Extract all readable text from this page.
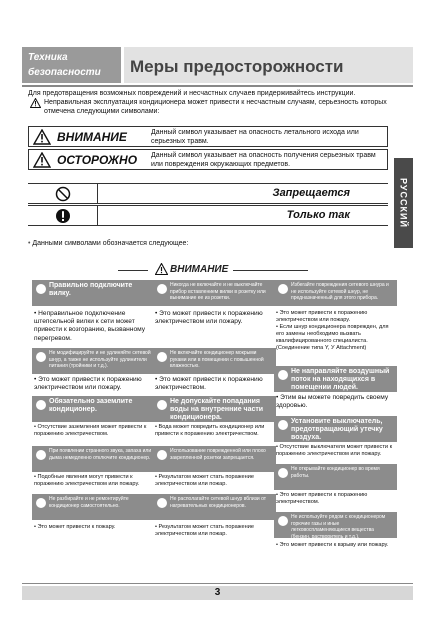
Техника
безопасности	Меры предосторожности
Для предотвращения возможных повреждений и несчастных случаев придерживайтесь инструкции.
Неправильная эксплуатация кондиционера может привести к несчастным случаям, серьезность которых отмечена следующими символами:
ВНИМАНИЕ	Данный символ указывает на опасность летального исхода или серьезных травм.
ОСТОРОЖНО Данный символ указывает на опасность получения серьезных травм или повреждения окружающих предметов.
Запрещается
Только так	РУССКИЙ
• Данными символами обозначается следующее:
ВНИМАНИЕ
Правильно подключите вилку.
• Неправильное подключение штепсельной вилки к сети может привести к возгоранию, вызванному перегревом.
Не модифицируйте и не удлиняйте сетевой шнур, а также не используйте удлинители питания (тройники и т.д.).
• Это может привести к поражению электричеством или пожару.
Обязательно заземлите кондиционер.
• Отсутствие заземления может привести к поражению электричеством.
При появлении странного звука, запаха или дыма немедленно отключите кондиционер.
• Подобные явления могут привести к поражению электричеством или пожару.
Не разбирайте и не ремонтируйте кондиционер самостоятельно.
• Это может привести к пожару.
Никогда не включайте и не выключайте прибор вставлением вилки в розетку или вынимание ее из розетки.
• Это может привести к поражению электричеством или пожару.
Не включайте кондиционер мокрыми руками или в помещении с повышенной влажностью.
• Это может привести к поражению электричеством.
Не допускайте попадания воды на внутренние части кондиционера.
• Вода может повредить кондиционер или привести к поражению электричеством.
Использование поврежденной или плохо закрепленной розетки запрещается.
• Результатом может стать поражение электричеством или пожар.
Не располагайте сетевой шнур вблизи от нагревательных кондиционеров.
• Результатом может стать поражение электричеством или пожар.
Избегайте повреждения сетевого шнура и не используйте сетевой шнур, не предназначенный для этого прибора.
• Это может привести к поражению электричеством или пожару.
• Если шнур кондиционера поврежден, для его замены необходимо вызвать квалифицированного специалиста. (Соединение типа Y, У Attachment)
Не направляйте воздушный поток на находящихся в помещении людей.
• Этим вы можете повредить своему здоровью.
Установите выключатель, предотвращающий утечку воздуха.
• Отсутствие выключателя может привести к поражению электричеством или пожару.
Не открывайте кондиционер во время работы.
• Это может привести к поражению электричеством.
Не используйте рядом с кондиционером горючие газы и иные легковоспламеняющиеся вещества (бензин, растворитель и т.д.).
• Это может привести к взрыву или пожару.
3
